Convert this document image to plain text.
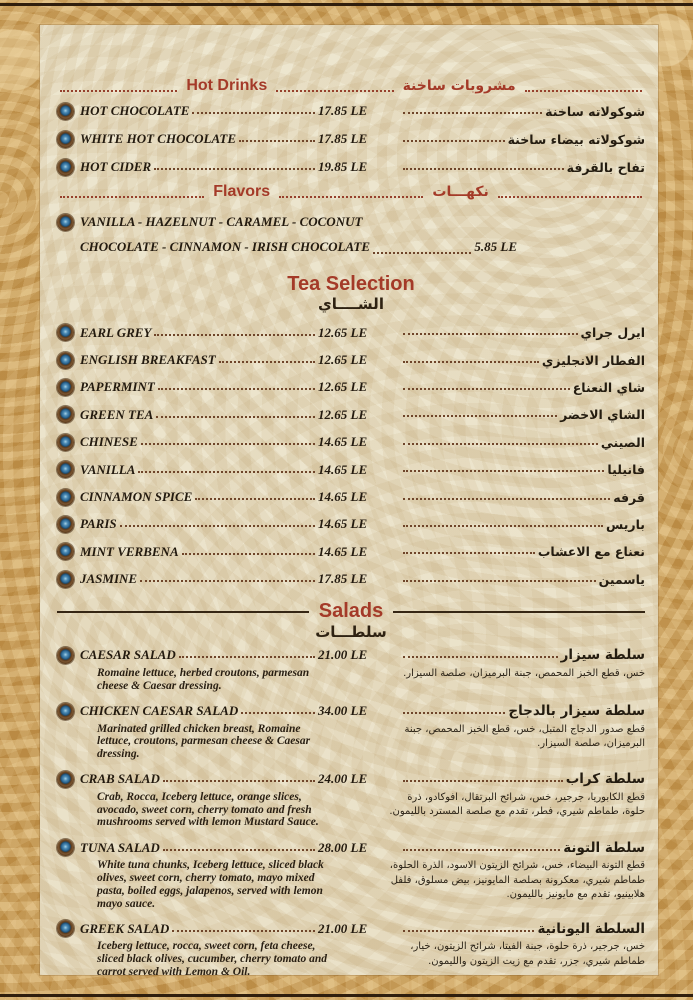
Hot Drinks	مشروبات ساخنة
HOT CHOCOLATE	17.85 LE	شوكولاته ساخنة
WHITE HOT CHOCOLATE	17.85 LE	شوكولاته بيضاء ساخنة
HOT CIDER	19.85 LE	تفاح بالقرفة
Flavors	نكهـــات
VANILLA - HAZELNUT - CARAMEL - COCONUT
CHOCOLATE - CINNAMON - IRISH CHOCOLATE	5.85 LE
Tea Selection
الشــــاي
EARL GREY	12.65 LE	ايرل جراي
ENGLISH BREAKFAST	12.65 LE	الفطار الانجليزي
PAPERMINT	12.65 LE	شاي النعناع
GREEN TEA	12.65 LE	الشاي الاخضر
CHINESE	14.65 LE	الصيني
VANILLA	14.65 LE	فانيليا
CINNAMON SPICE	14.65 LE	قرفه
PARIS	14.65 LE	باريس
MINT VERBENA	14.65 LE	نعناع مع الاعشاب
JASMINE	17.85 LE	ياسمين
Salads
سلطـــات
CAESAR SALAD	21.00 LE	سلطة سيزار
Romaine lettuce, herbed croutons, parmesan cheese & Caesar dressing.
خس، قطع الخبز المحمص، جبنة البرميزان، صلصة السيزار.
CHICKEN CAESAR SALAD	34.00 LE	سلطة سيزار بالدجاج
Marinated grilled chicken breast, Romaine lettuce, croutons, parmesan cheese & Caesar dressing.
قطع صدور الدجاج المتبل، خس، قطع الخبز المحمص، جبنة البرميزان، صلصة السيزار.
CRAB SALAD	24.00 LE	سلطة كراب
Crab, Rocca, Iceberg lettuce, orange slices, avocado, sweet corn, cherry tomato and fresh mushrooms served with lemon Mustard Sauce.
قطع الكابوريا، جرجير، خس، شرائح البرتقال، افوكادو، ذرة حلوة، طماطم شيري، فطر، تقدم مع صلصة المسترد بالليمون.
TUNA SALAD	28.00 LE	سلطة التونة
White tuna chunks, Iceberg lettuce, sliced black olives, sweet corn, cherry tomato, mayo mixed pasta, boiled eggs, jalapenos, served with lemon mayo sauce.
قطع التونة البيضاء، خس، شرائح الزيتون الاسود، الذرة الحلوة، طماطم شيري، معكرونة بصلصة المايونيز، بيض مسلوق، فلفل هلابينيو، تقدم مع مايونيز بالليمون.
GREEK SALAD	21.00 LE	السلطة اليونانية
Iceberg lettuce, rocca, sweet corn, feta cheese, sliced black olives, cucumber, cherry tomato and carrot served with Lemon & Oil.
خس، جرجير، ذرة حلوة، جبنة الفيتا، شرائح الزيتون، خيار، طماطم شيري، جزر، تقدم مع زيت الزيتون والليمون.
